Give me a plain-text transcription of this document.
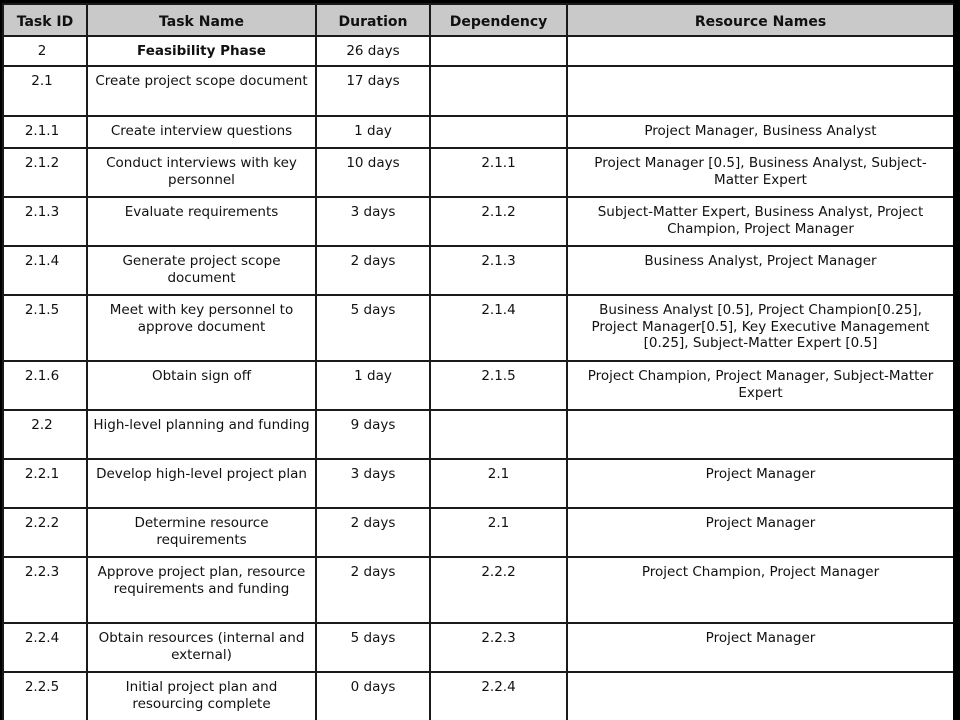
Task ID	Task Name	Duration	Dependency	Resource Names
2	Feasibility Phase	26 days		
2.1	Create project scope document	17 days		
2.1.1	Create interview questions	1 day		Project Manager, Business Analyst
2.1.2	Conduct interviews with key personnel	10 days	2.1.1	Project Manager [0.5], Business Analyst, Subject-Matter Expert
2.1.3	Evaluate requirements	3 days	2.1.2	Subject-Matter Expert, Business Analyst, Project Champion, Project Manager
2.1.4	Generate project scope document	2 days	2.1.3	Business Analyst, Project Manager
2.1.5	Meet with key personnel to approve document	5 days	2.1.4	Business Analyst [0.5], Project Champion[0.25], Project Manager[0.5], Key Executive Management [0.25], Subject-Matter Expert [0.5]
2.1.6	Obtain sign off	1 day	2.1.5	Project Champion, Project Manager, Subject-Matter Expert
2.2	High-level planning and funding	9 days		
2.2.1	Develop high-level project plan	3 days	2.1	Project Manager
2.2.2	Determine resource requirements	2 days	2.1	Project Manager
2.2.3	Approve project plan, resource requirements and funding	2 days	2.2.2	Project Champion, Project Manager
2.2.4	Obtain resources (internal and external)	5 days	2.2.3	Project Manager
2.2.5	Initial project plan and resourcing complete	0 days	2.2.4	
